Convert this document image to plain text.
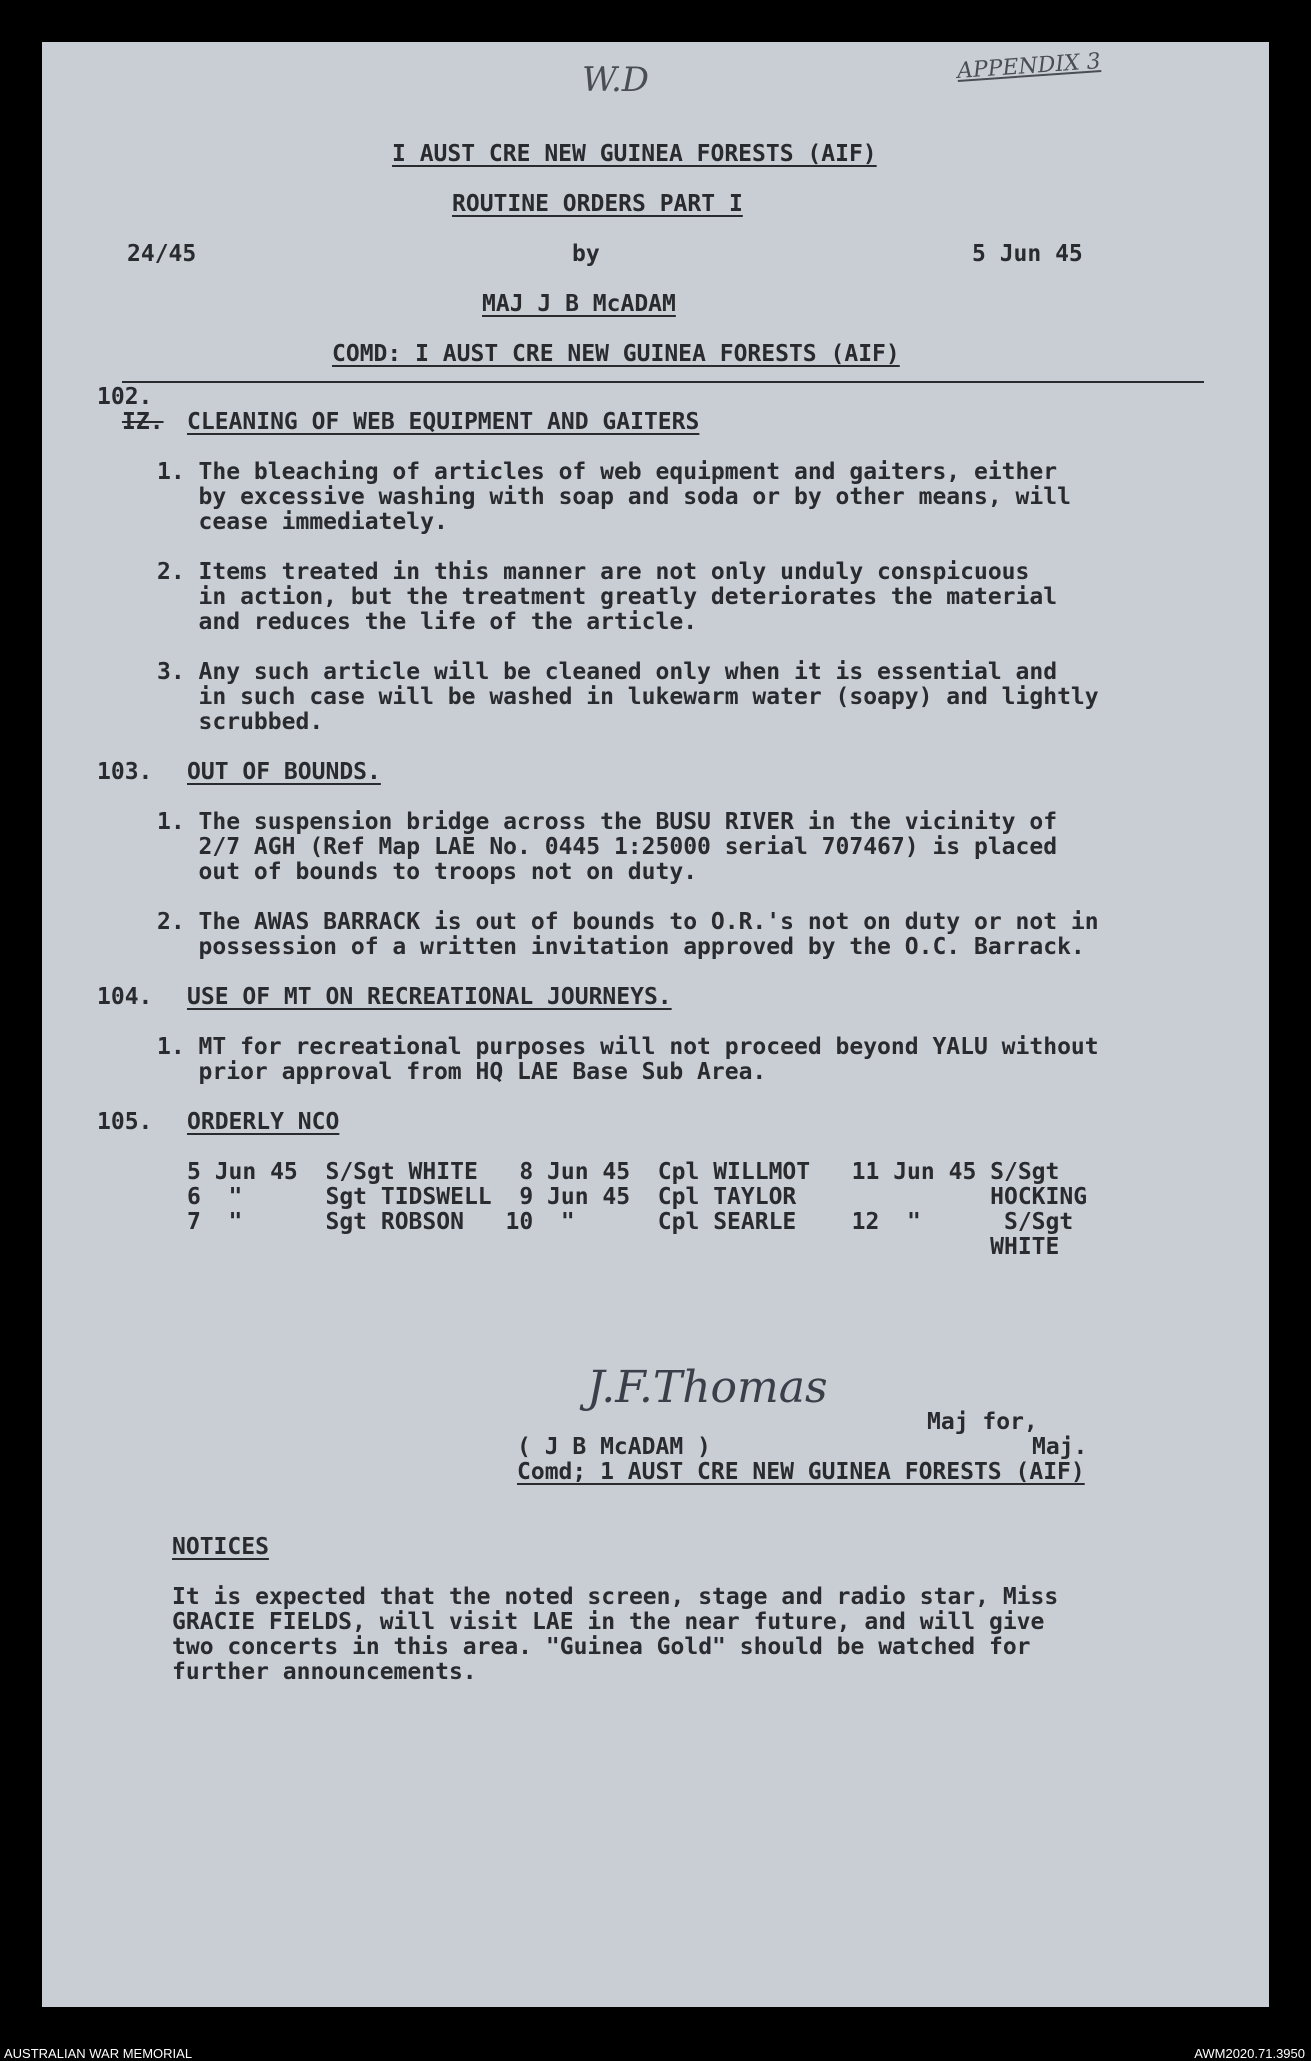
W.D	APPENDIX 3
I AUST CRE NEW GUINEA FORESTS (AIF)
ROUTINE ORDERS PART I
24/45	by	5 Jun 45
MAJ J B McADAM
COMD: I AUST CRE NEW GUINEA FORESTS (AIF)
102.
IZ. CLEANING OF WEB EQUIPMENT AND GAITERS
1. The bleaching of articles of web equipment and gaiters, either
by excessive washing with soap and soda or by other means, will
cease immediately.
2. Items treated in this manner are not only unduly conspicuous
in action, but the treatment greatly deteriorates the material
and reduces the life of the article.
3. Any such article will be cleaned only when it is essential and
in such case will be washed in lukewarm water (soapy) and lightly
scrubbed.
103. OUT OF BOUNDS.
1. The suspension bridge across the BUSU RIVER in the vicinity of
2/7 AGH (Ref Map LAE No. 0445 1:25000 serial 707467) is placed
out of bounds to troops not on duty.
2. The AWAS BARRACK is out of bounds to O.R.'s not on duty or not in
possession of a written invitation approved by the O.C. Barrack.
104. USE OF MT ON RECREATIONAL JOURNEYS.
1. MT for recreational purposes will not proceed beyond YALU without
prior approval from HQ LAE Base Sub Area.
105. ORDERLY NCO
5 Jun 45  S/Sgt WHITE   8 Jun 45  Cpl WILLMOT   11 Jun 45 S/Sgt
6  "      Sgt TIDSWELL  9 Jun 45  Cpl TAYLOR              HOCKING
7  "      Sgt ROBSON   10  "      Cpl SEARLE    12  "      S/Sgt
WHITE
J.F.Thomas
Maj for,
( J B McADAM )	Maj.
Comd; 1 AUST CRE NEW GUINEA FORESTS (AIF)
NOTICES
It is expected that the noted screen, stage and radio star, Miss
GRACIE FIELDS, will visit LAE in the near future, and will give
two concerts in this area. "Guinea Gold" should be watched for
further announcements.
AUSTRALIAN WAR MEMORIAL	AWM2020.71.3950
